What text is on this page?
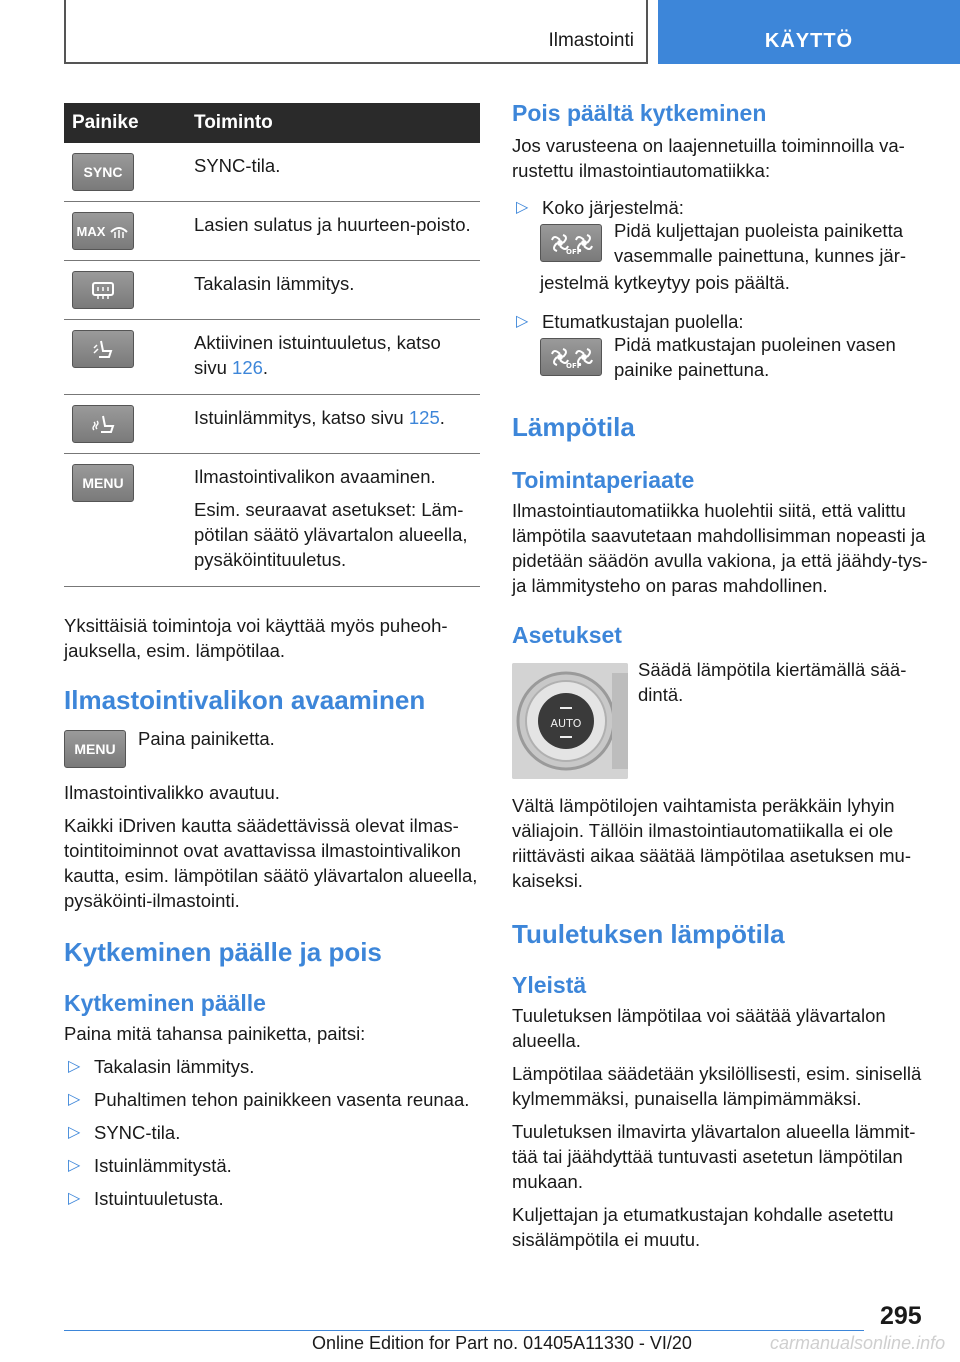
Ilmastointi	KÄYTTÖ
Painike	Toiminto

SYNC	SYNC-tila.

MAX	Lasien sulatus ja huurteen-poisto.

Takalasin lämmitys.

Aktiivinen istuintuuletus, katso sivu 126.

Istuinlämmitys, katso sivu 125.

MENU	Ilmastointivalikon avaaminen.

Esim. seuraavat asetukset: Läm-pötilan säätö ylävartalon alueella, pysäköintituuletus.

Yksittäisiä toimintoja voi käyttää myös puheoh-jauksella, esim. lämpötilaa.

Ilmastointivalikon avaaminen
MENU	Paina painiketta.

Ilmastointivalikko avautuu.

Kaikki iDriven kautta säädettävissä olevat ilmas-tointitoiminnot ovat avattavissa ilmastointivalikon kautta, esim. lämpötilan säätö ylävartalon alueella, pysäköinti-ilmastointi.

Kytkeminen päälle ja pois
Kytkeminen päälle

Paina mitä tahansa painiketta, paitsi:

▷ Takalasin lämmitys.
▷ Puhaltimen tehon painikkeen vasenta reunaa.
▷ SYNC-tila.
▷ Istuinlämmitystä.
▷ Istuintuuletusta.
Pois päältä kytkeminen

Jos varusteena on laajennetuilla toiminnoilla va-rustettu ilmastointiautomatiikka:

▷ Koko järjestelmä:
OFF

Pidä kuljettajan puoleista painiketta vasemmalle painettuna, kunnes jär-

jestelmä kytkeytyy pois päältä.

▷ Etumatkustajan puolella:
OFF

Pidä matkustajan puoleinen vasen painike painettuna.

Lämpötila
Toimintaperiaate

Ilmastointiautomatiikka huolehtii siitä, että valittu lämpötila saavutetaan mahdollisimman nopeasti ja pidetään säädön avulla vakiona, ja että jäähdy-tys- ja lämmitysteho on paras mahdollinen.

Asetukset
AUTO

Säädä lämpötila kiertämällä sää-dintä.

Vältä lämpötilojen vaihtamista peräkkäin lyhyin väliajoin. Tällöin ilmastointiautomatiikalla ei ole riittävästi aikaa säätää lämpötilaa asetuksen mu-kaiseksi.

Tuuletuksen lämpötila
Yleistä

Tuuletuksen lämpötilaa voi säätää ylävartalon alueella.

Lämpötilaa säädetään yksilöllisesti, esim. sinisellä kylmemmäksi, punaisella lämpimämmäksi.

Tuuletuksen ilmavirta ylävartalon alueella lämmit-tää tai jäähdyttää tuntuvasti asetetun lämpötilan mukaan.

Kuljettajan ja etumatkustajan kohdalle asetettu sisälämpötila ei muutu.

295
Online Edition for Part no. 01405A11330 - VI/20	carmanualsonline.info
